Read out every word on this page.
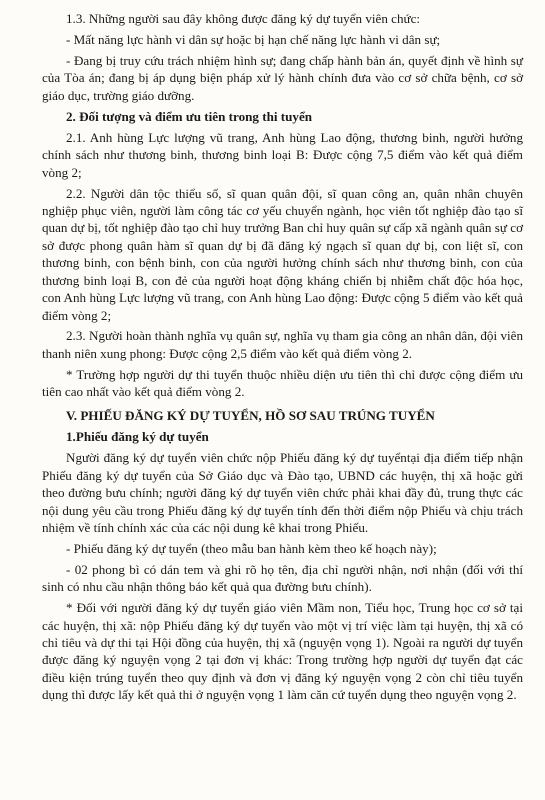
1.3. Những người sau đây không được đăng ký dự tuyển viên chức:

- Mất năng lực hành vi dân sự hoặc bị hạn chế năng lực hành vi dân sự;

- Đang bị truy cứu trách nhiệm hình sự; đang chấp hành bản án, quyết định về hình sự của Tòa án; đang bị áp dụng biện pháp xử lý hành chính đưa vào cơ sở chữa bệnh, cơ sở giáo dục, trường giáo dưỡng.

2. Đối tượng và điểm ưu tiên trong thi tuyển

2.1. Anh hùng Lực lượng vũ trang, Anh hùng Lao động, thương binh, người hưởng chính sách như thương binh, thương binh loại B: Được cộng 7,5 điểm vào kết quả điểm vòng 2;

2.2. Người dân tộc thiểu số, sĩ quan quân đội, sĩ quan công an, quân nhân chuyên nghiệp phục viên, người làm công tác cơ yếu chuyển ngành, học viên tốt nghiệp đào tạo sĩ quan dự bị, tốt nghiệp đào tạo chỉ huy trưởng Ban chỉ huy quân sự cấp xã ngành quân sự cơ sở được phong quân hàm sĩ quan dự bị đã đăng ký ngạch sĩ quan dự bị, con liệt sĩ, con thương binh, con bệnh binh, con của người hưởng chính sách như thương binh, con của thương binh loại B, con đẻ của người hoạt động kháng chiến bị nhiễm chất độc hóa học, con Anh hùng Lực lượng vũ trang, con Anh hùng Lao động: Được cộng 5 điểm vào kết quả điểm vòng 2;

2.3. Người hoàn thành nghĩa vụ quân sự, nghĩa vụ tham gia công an nhân dân, đội viên thanh niên xung phong: Được cộng 2,5 điểm vào kết quả điểm vòng 2.

* Trường hợp người dự thi tuyển thuộc nhiều diện ưu tiên thì chỉ được cộng điểm ưu tiên cao nhất vào kết quả điểm vòng 2.

V. PHIẾU ĐĂNG KÝ DỰ TUYỂN, HỒ SƠ SAU TRÚNG TUYỂN

1.Phiếu đăng ký dự tuyển

Người đăng ký dự tuyển viên chức nộp Phiếu đăng ký dự tuyểntại địa điểm tiếp nhận Phiếu đăng ký dự tuyển của Sở Giáo dục và Đào tạo, UBND các huyện, thị xã hoặc gửi theo đường bưu chính; người đăng ký dự tuyển viên chức phải khai đầy đủ, trung thực các nội dung yêu cầu trong Phiếu đăng ký dự tuyển tính đến thời điểm nộp Phiếu và chịu trách nhiệm về tính chính xác của các nội dung kê khai trong Phiếu.

- Phiếu đăng ký dự tuyển (theo mẫu ban hành kèm theo kế hoạch này);

- 02 phong bì có dán tem và ghi rõ họ tên, địa chỉ người nhận, nơi nhận (đối với thí sinh có nhu cầu nhận thông báo kết quả qua đường bưu chính).

* Đối với người đăng ký dự tuyển giáo viên Mầm non, Tiểu học, Trung học cơ sở tại các huyện, thị xã: nộp Phiếu đăng ký dự tuyển vào một vị trí việc làm tại huyện, thị xã có chỉ tiêu và dự thi tại Hội đồng của huyện, thị xã (nguyện vọng 1). Ngoài ra người dự tuyển được đăng ký nguyện vọng 2 tại đơn vị khác: Trong trường hợp người dự tuyển đạt các điều kiện trúng tuyển theo quy định và đơn vị đăng ký nguyện vọng 2 còn chỉ tiêu tuyển dụng thì được lấy kết quả thi ở nguyện vọng 1 làm căn cứ tuyển dụng theo nguyện vọng 2.
